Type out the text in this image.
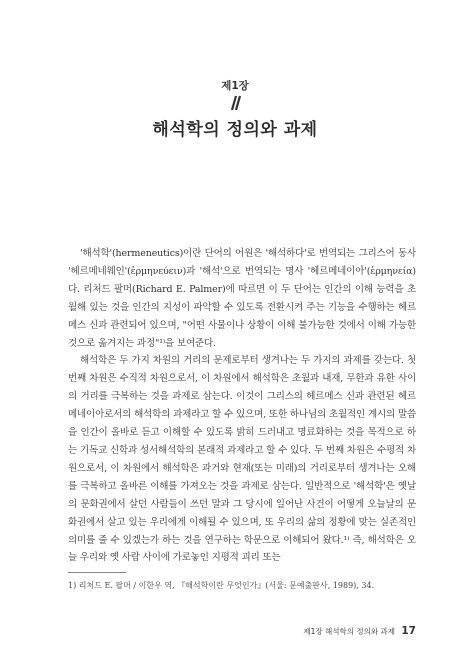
제1장
해석학의 정의와 과제

'해석학'(hermeneutics)이란 단어의 어원은 '해석하다'로 번역되는 그리스어 동사 '헤르메네웨인'(ἑρμηνεύειν)과 '해석'으로 번역되는 명사 '헤르메네이아'(ἑρμηνεία)다. 리처드 팔머(Richard E. Palmer)에 따르면 이 두 단어는 인간의 이해 능력을 초월해 있는 것을 인간의 지성이 파악할 수 있도록 전환시켜 주는 기능을 수행하는 헤르메스 신과 관련되어 있으며, "어떤 사물이나 상황이 이해 불가능한 것에서 이해 가능한 것으로 옮겨지는 과정"¹⁾을 보여준다.

해석학은 두 가지 차원의 거리의 문제로부터 생겨나는 두 가지의 과제를 갖는다. 첫 번째 차원은 수직적 차원으로서, 이 차원에서 해석학은 초월과 내재, 무한과 유한 사이의 거리를 극복하는 것을 과제로 삼는다. 이것이 그리스의 헤르메스 신과 관련된 헤르메네이아로서의 해석학의 과제라고 할 수 있으며, 또한 하나님의 초월적인 계시의 말씀을 인간이 올바로 듣고 이해할 수 있도록 밝히 드러내고 명료화하는 것을 목적으로 하는 기독교 신학과 성서해석학의 본래적 과제라고 할 수 있다. 두 번째 차원은 수평적 차원으로서, 이 차원에서 해석학은 과거와 현재(또는 미래)의 거리로부터 생겨나는 오해를 극복하고 올바른 이해를 가져오는 것을 과제로 삼는다. 일반적으로 '해석학'은 옛날의 문화권에서 살던 사람들이 쓰던 말과 그 당시에 일어난 사건이 어떻게 오늘날의 문화권에서 살고 있는 우리에게 이해될 수 있으며, 또 우리의 삶의 정황에 맞는 실존적인 의미를 줄 수 있겠는가 하는 것을 연구하는 학문으로 이해되어 왔다.¹⁾ 즉, 해석학은 오늘 우리와 옛 사람 사이에 가로놓인 지평적 괴리 또는

1) 리처드 E. 팔머 / 이한우 역, 『해석학이란 무엇인가』(서울: 문예출판사, 1989), 34.

제1장 해석학의 정의와 과제 17
